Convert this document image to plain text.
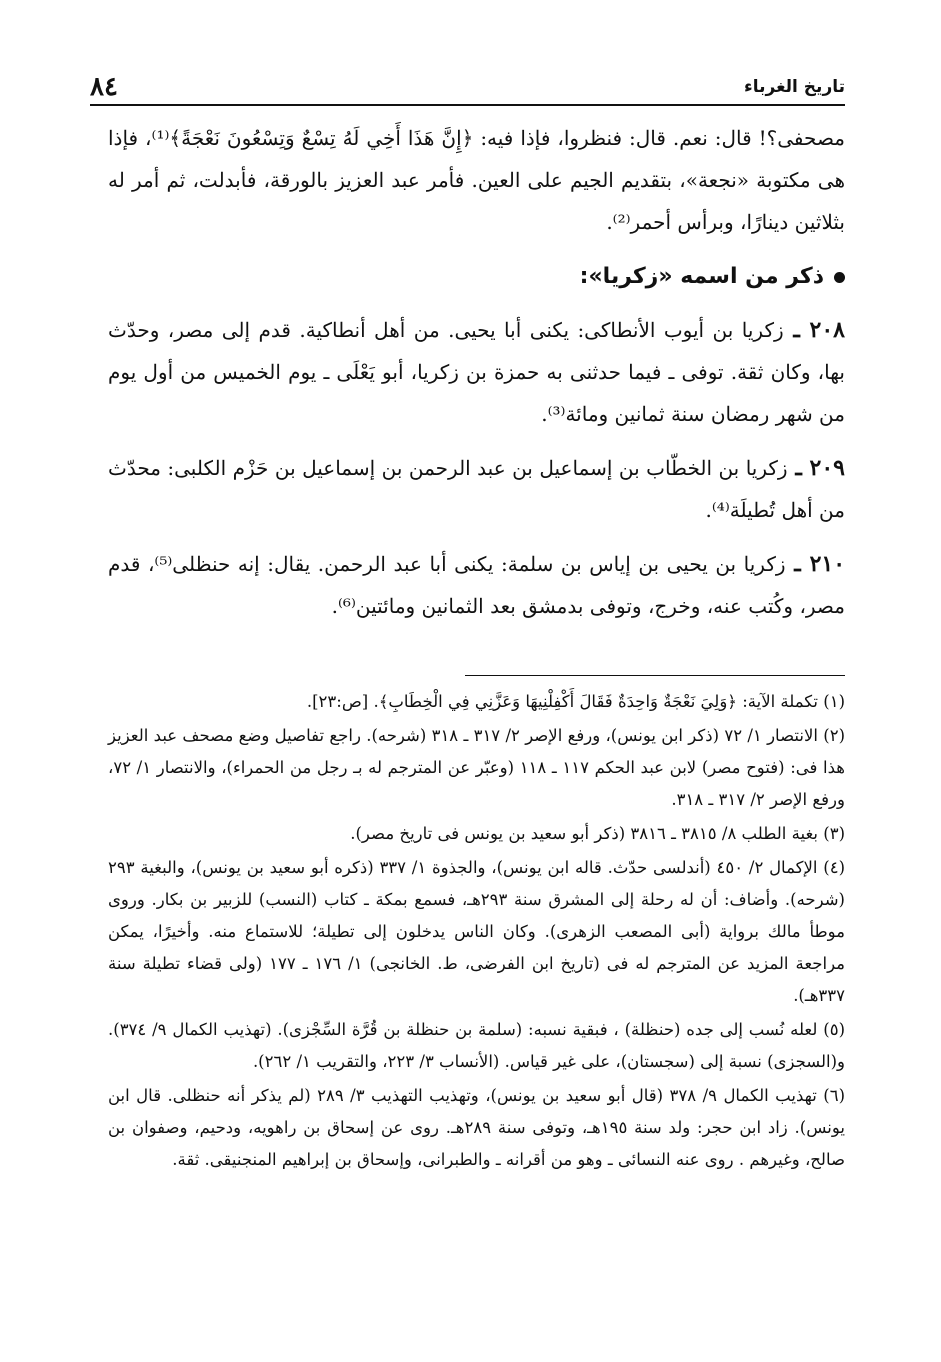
تاريخ الغرباء
٨٤

مصحفى؟! قال: نعم. قال: فنظروا، فإذا فيه: ﴿إِنَّ هَذَا أَخِي لَهُ تِسْعٌ وَتِسْعُونَ نَعْجَةً﴾⁽¹⁾، فإذا هى مكتوبة «نجعة»، بتقديم الجيم على العين. فأمر عبد العزيز بالورقة، فأبدلت، ثم أمر له بثلاثين دينارًا، وبرأس أحمر⁽²⁾.

ذكر من اسمه «زكريا»:

٢٠٨ ـ زكريا بن أيوب الأنطاكى: يكنى أبا يحيى. من أهل أنطاكية. قدم إلى مصر، وحدّث بها، وكان ثقة. توفى ـ فيما حدثنى به حمزة بن زكريا، أبو يَعْلَى ـ يوم الخميس من أول يوم من شهر رمضان سنة ثمانين ومائة⁽³⁾.

٢٠٩ ـ زكريا بن الخطّاب بن إسماعيل بن عبد الرحمن بن إسماعيل بن حَزْم الكلبى: محدّث من أهل تُطيلَة⁽⁴⁾.

٢١٠ ـ زكريا بن يحيى بن إياس بن سلمة: يكنى أبا عبد الرحمن. يقال: إنه حنظلى⁽⁵⁾، قدم مصر، وكُتب عنه، وخرج، وتوفى بدمشق بعد الثمانين ومائتين⁽⁶⁾.

(١) تكملة الآية: ﴿وَلِيَ نَعْجَةٌ وَاحِدَةٌ فَقَالَ أَكْفِلْنِيهَا وَعَزَّنِي فِي الْخِطَابِ﴾. [ص:٢٣].

(٢) الانتصار ١/ ٧٢ (ذكر ابن يونس)، ورفع الإصر ٢/ ٣١٧ ـ ٣١٨ (شرحه). راجع تفاصيل وضع مصحف عبد العزيز هذا فى: (فتوح مصر) لابن عبد الحكم ١١٧ ـ ١١٨ (وعبّر عن المترجم له بـ رجل من الحمراء)، والانتصار ١/ ٧٢، ورفع الإصر ٢/ ٣١٧ ـ ٣١٨.

(٣) بغية الطلب ٨/ ٣٨١٥ ـ ٣٨١٦ (ذكر أبو سعيد بن يونس فى تاريخ مصر).

(٤) الإكمال ٢/ ٤٥٠ (أندلسى حدّث. قاله ابن يونس)، والجذوة ١/ ٣٣٧ (ذكره أبو سعيد بن يونس)، والبغية ٢٩٣ (شرحه). وأضاف: أن له رحلة إلى المشرق سنة ٢٩٣هـ، فسمع بمكة ـ كتاب (النسب) للزبير بن بكار. وروى موطأ مالك برواية (أبى المصعب الزهرى). وكان الناس يدخلون إلى تطيلة؛ للاستماع منه. وأخيرًا، يمكن مراجعة المزيد عن المترجم له فى (تاريخ ابن الفرضى، ط. الخانجى) ١/ ١٧٦ ـ ١٧٧ (ولى قضاء تطيلة سنة ٣٣٧هـ).

(٥) لعله نُسب إلى جده (حنظلة) ، فبقية نسبه: (سلمة بن حنظلة بن قُرَّة السِّجْزى). (تهذيب الكمال ٩/ ٣٧٤). و(السجزى) نسبة إلى (سجستان)، على غير قياس. (الأنساب ٣/ ٢٢٣، والتقريب ١/ ٢٦٢).

(٦) تهذيب الكمال ٩/ ٣٧٨ (قال أبو سعيد بن يونس)، وتهذيب التهذيب ٣/ ٢٨٩ (لم يذكر أنه حنظلى. قال ابن يونس). زاد ابن حجر: ولد سنة ١٩٥هـ، وتوفى سنة ٢٨٩هـ. روى عن إسحاق بن راهويه، ودحيم، وصفوان بن صالح، وغيرهم . روى عنه النسائى ـ وهو من أقرانه ـ والطبرانى، وإسحاق بن إبراهيم المنجنيقى. ثقة.
